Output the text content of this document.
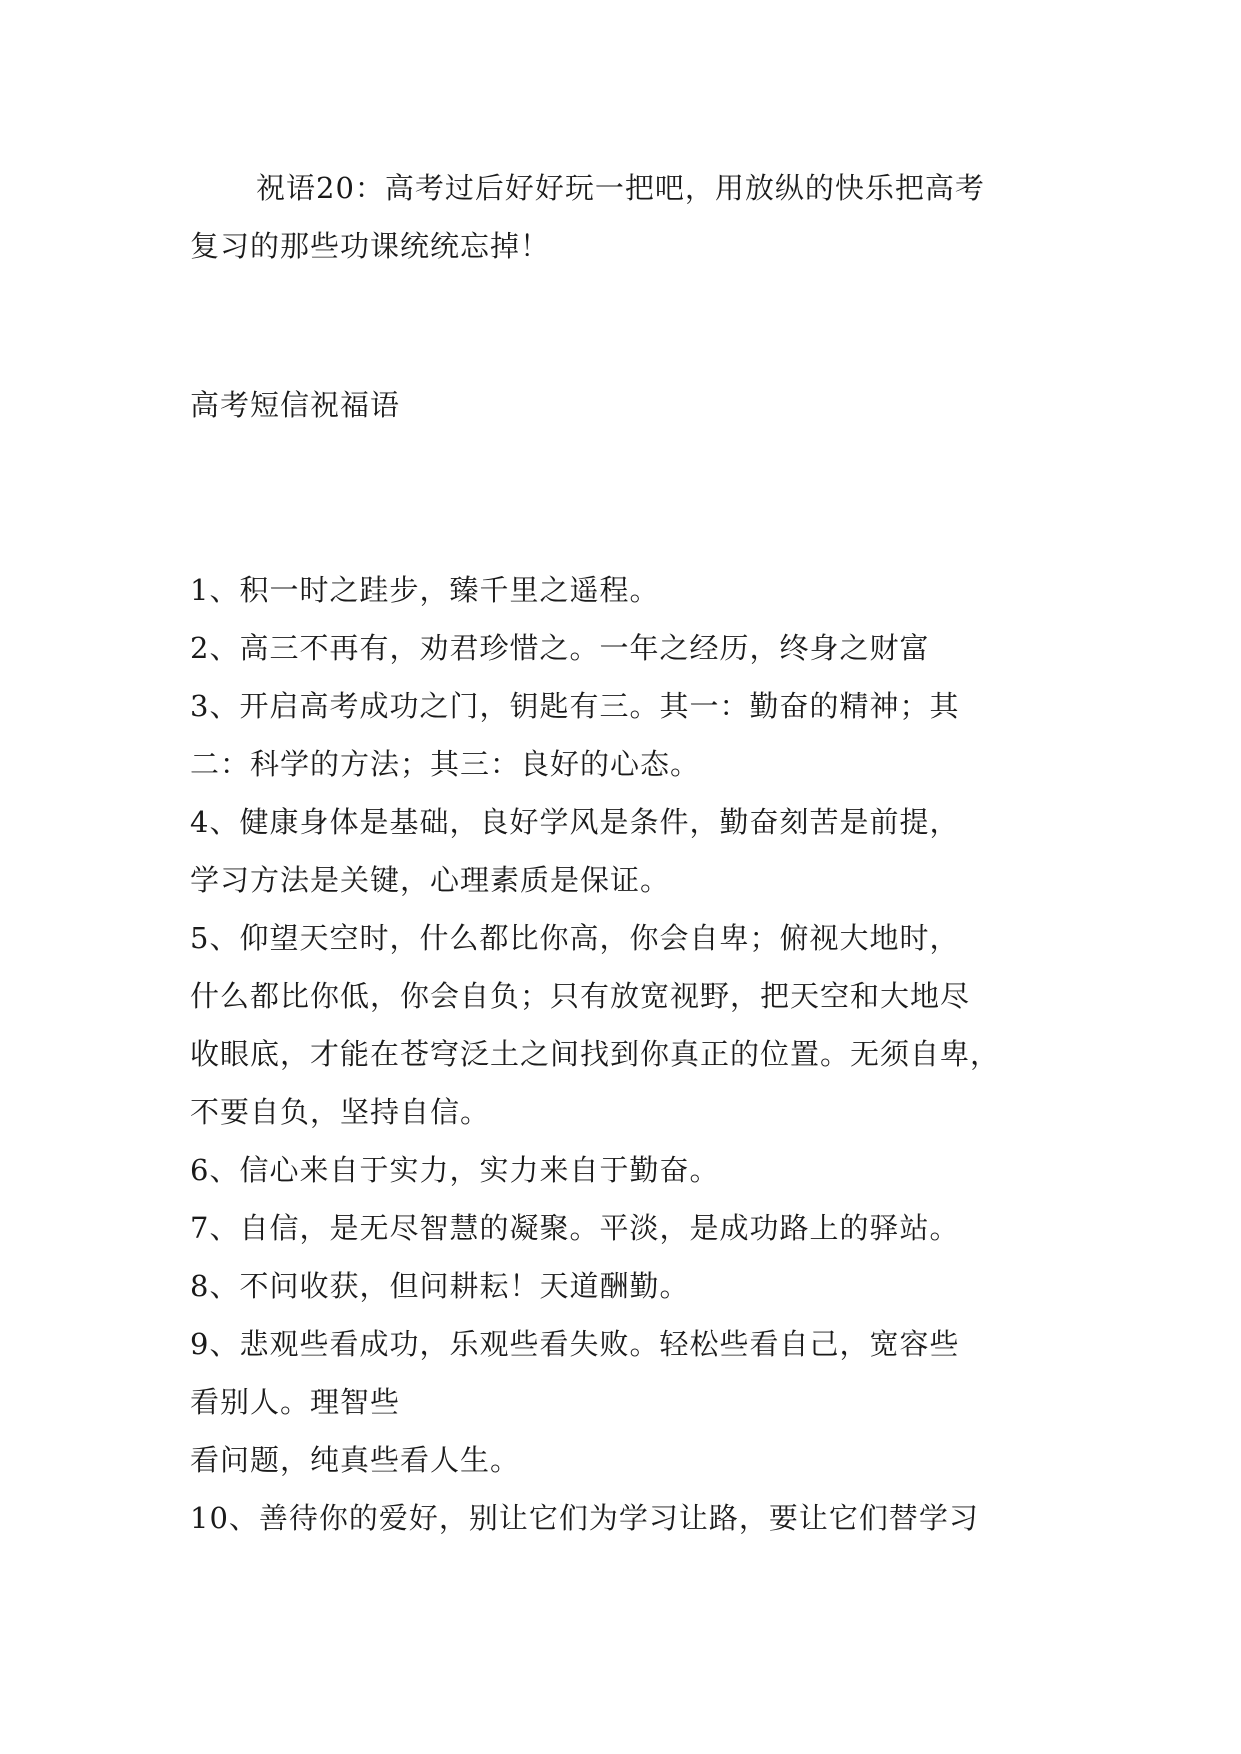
祝语20：高考过后好好玩一把吧，用放纵的快乐把高考

复习的那些功课统统忘掉！

高考短信祝福语

1、积一时之跬步，臻千里之遥程。

2、高三不再有，劝君珍惜之。一年之经历，终身之财富

3、开启高考成功之门，钥匙有三。其一：勤奋的精神；其

二：科学的方法；其三：良好的心态。

4、健康身体是基础，良好学风是条件，勤奋刻苦是前提，

学习方法是关键，心理素质是保证。

5、仰望天空时，什么都比你高，你会自卑；俯视大地时，

什么都比你低，你会自负；只有放宽视野，把天空和大地尽

收眼底，才能在苍穹泛土之间找到你真正的位置。无须自卑，

不要自负，坚持自信。

6、信心来自于实力，实力来自于勤奋。

7、自信，是无尽智慧的凝聚。平淡，是成功路上的驿站。

8、不问收获，但问耕耘！天道酬勤。

9、悲观些看成功，乐观些看失败。轻松些看自己，宽容些

看别人。理智些

看问题，纯真些看人生。

10、善待你的爱好，别让它们为学习让路，要让它们替学习
